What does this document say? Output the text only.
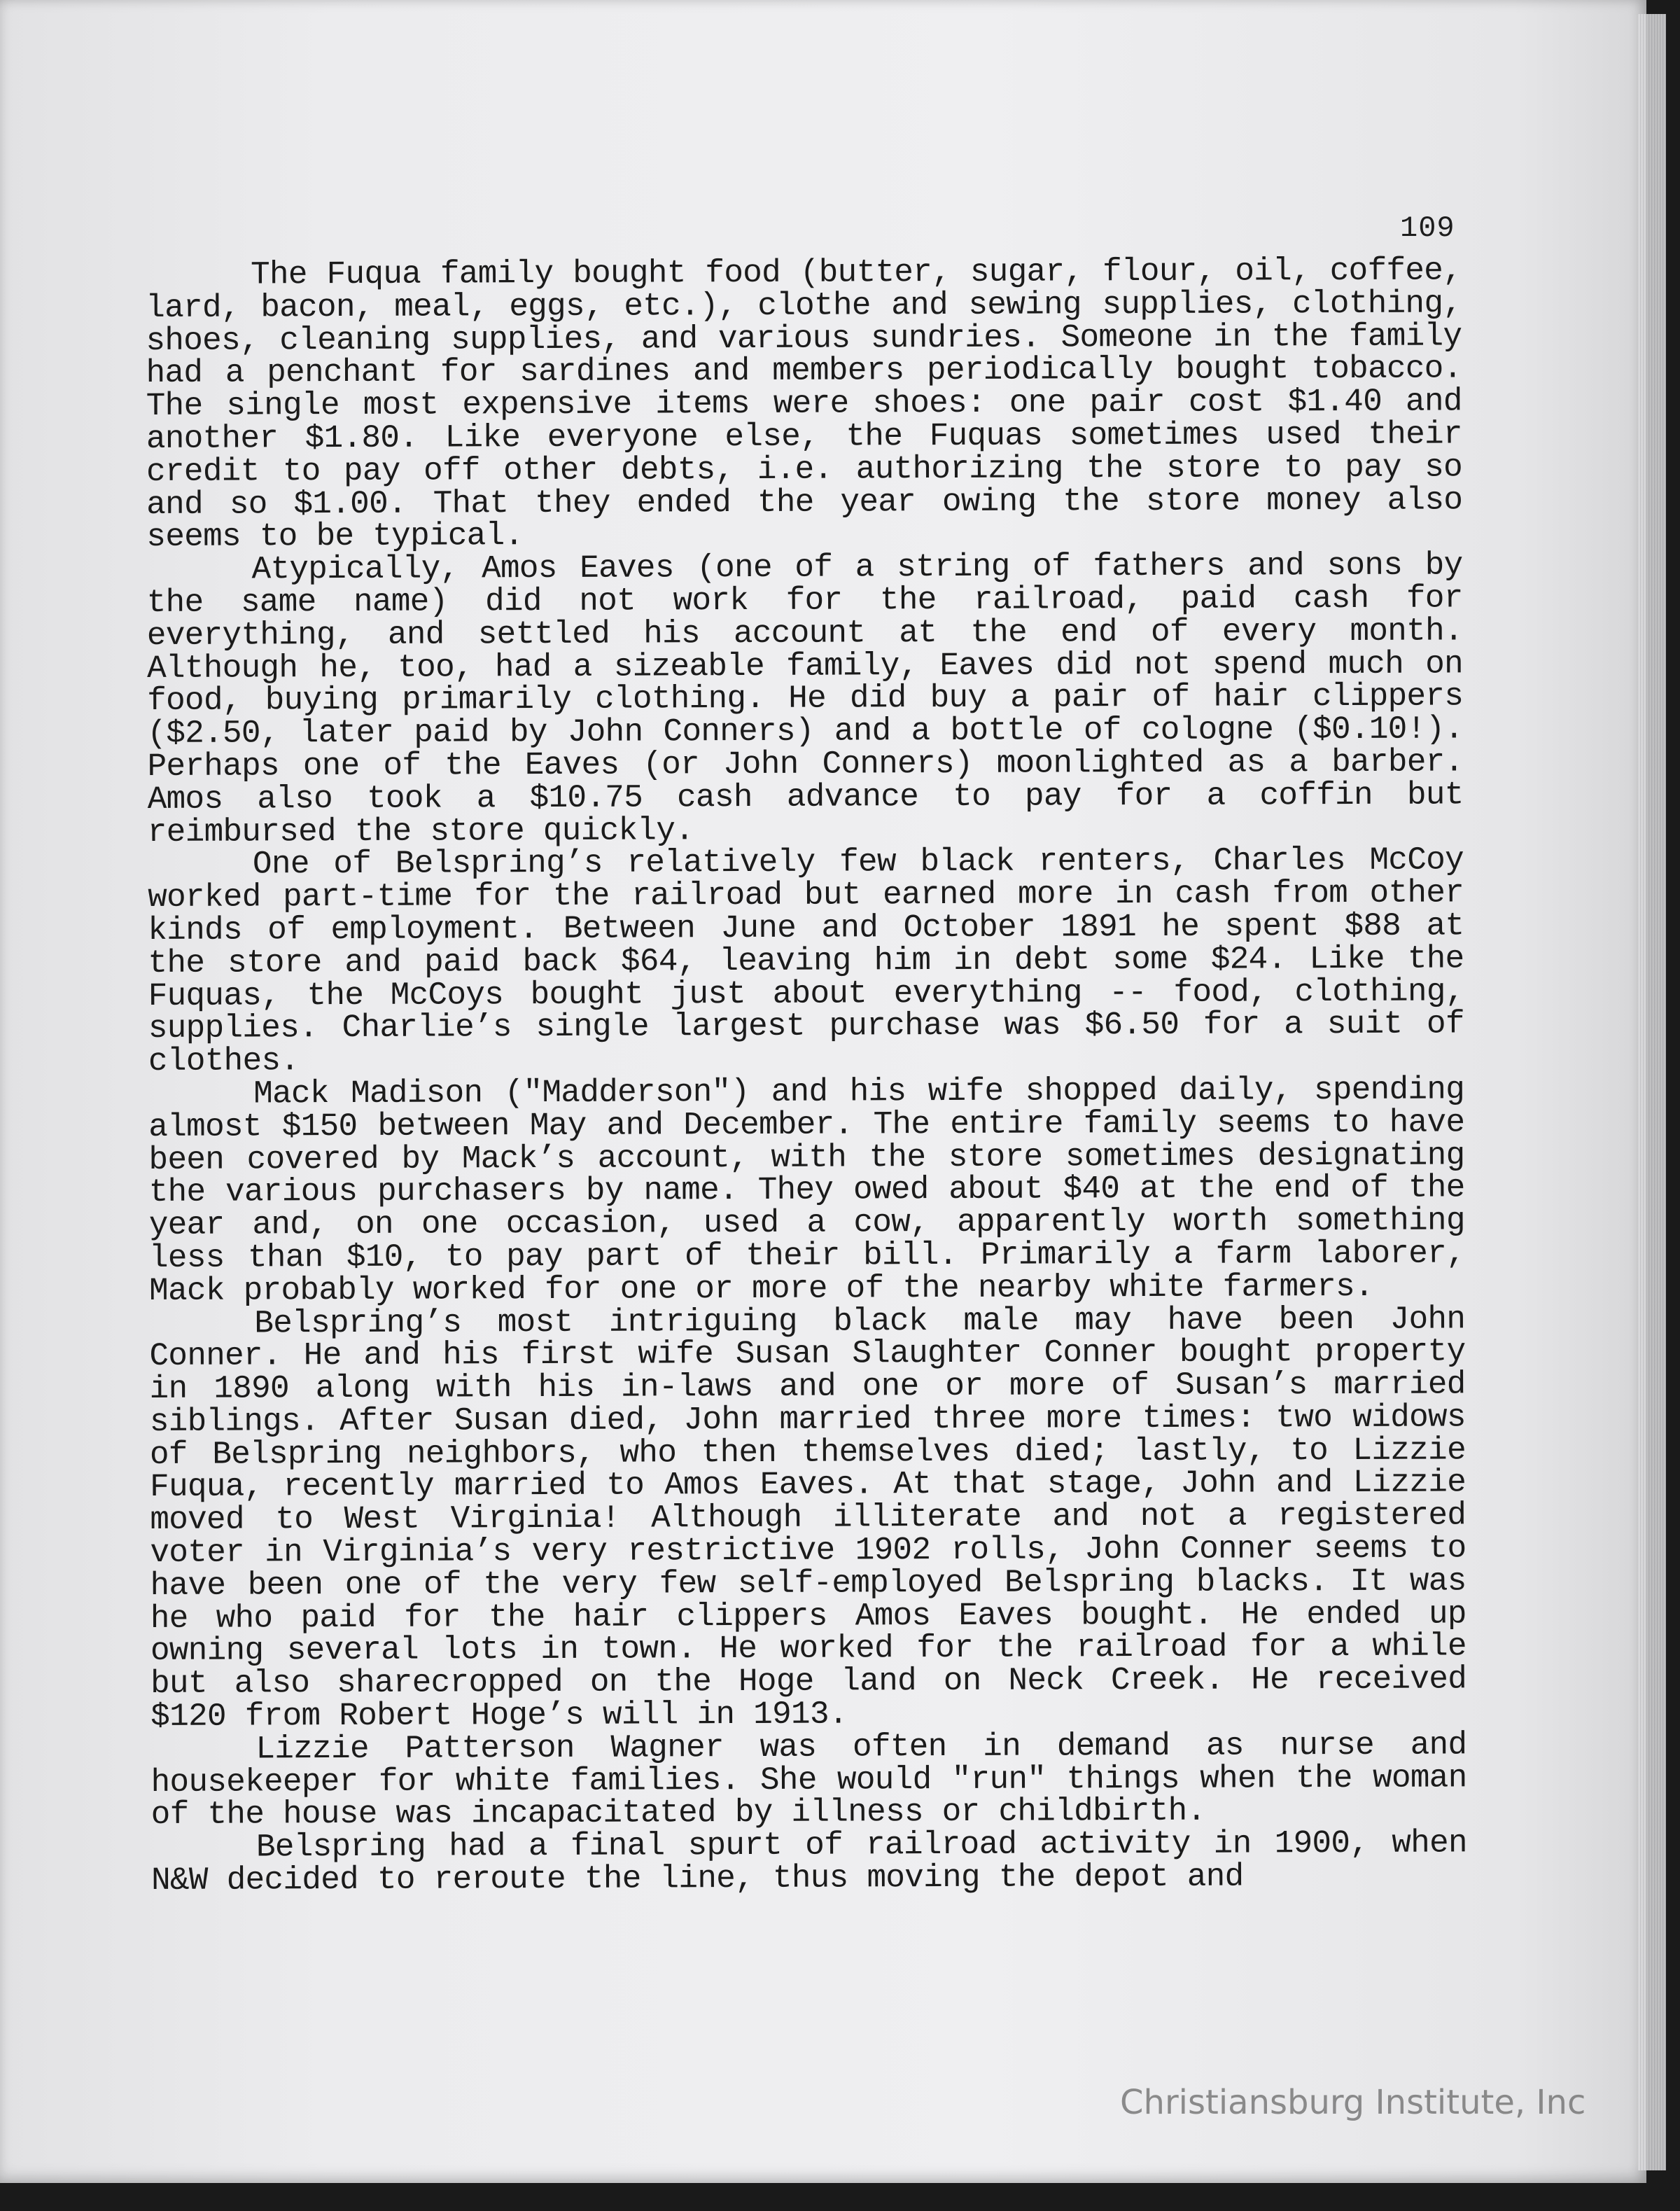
109

The Fuqua family bought food (butter, sugar, flour, oil, coffee, lard, bacon, meal, eggs, etc.), clothe and sewing supplies, clothing, shoes, cleaning supplies, and various sundries. Someone in the family had a penchant for sardines and members periodically bought tobacco. The single most expensive items were shoes: one pair cost $1.40 and another $1.80. Like everyone else, the Fuquas sometimes used their credit to pay off other debts, i.e. authorizing the store to pay so and so $1.00. That they ended the year owing the store money also seems to be typical.

Atypically, Amos Eaves (one of a string of fathers and sons by the same name) did not work for the railroad, paid cash for everything, and settled his account at the end of every month. Although he, too, had a sizeable family, Eaves did not spend much on food, buying primarily clothing. He did buy a pair of hair clippers ($2.50, later paid by John Conners) and a bottle of cologne ($0.10!). Perhaps one of the Eaves (or John Conners) moonlighted as a barber. Amos also took a $10.75 cash advance to pay for a coffin but reimbursed the store quickly.

One of Belspring’s relatively few black renters, Charles McCoy worked part-time for the railroad but earned more in cash from other kinds of employment. Between June and October 1891 he spent $88 at the store and paid back $64, leaving him in debt some $24. Like the Fuquas, the McCoys bought just about everything -- food, clothing, supplies. Charlie’s single largest purchase was $6.50 for a suit of clothes.

Mack Madison ("Madderson") and his wife shopped daily, spending almost $150 between May and December. The entire family seems to have been covered by Mack’s account, with the store sometimes designating the various purchasers by name. They owed about $40 at the end of the year and, on one occasion, used a cow, apparently worth something less than $10, to pay part of their bill. Primarily a farm laborer, Mack probably worked for one or more of the nearby white farmers.

Belspring’s most intriguing black male may have been John Conner. He and his first wife Susan Slaughter Conner bought property in 1890 along with his in-laws and one or more of Susan’s married siblings. After Susan died, John married three more times: two widows of Belspring neighbors, who then themselves died; lastly, to Lizzie Fuqua, recently married to Amos Eaves. At that stage, John and Lizzie moved to West Virginia! Although illiterate and not a registered voter in Virginia’s very restrictive 1902 rolls, John Conner seems to have been one of the very few self-employed Belspring blacks. It was he who paid for the hair clippers Amos Eaves bought. He ended up owning several lots in town. He worked for the railroad for a while but also sharecropped on the Hoge land on Neck Creek. He received $120 from Robert Hoge’s will in 1913.

Lizzie Patterson Wagner was often in demand as nurse and housekeeper for white families. She would "run" things when the woman of the house was incapacitated by illness or childbirth.

Belspring had a final spurt of railroad activity in 1900, when N&W decided to reroute the line, thus moving the depot and

Christiansburg Institute, Inc
